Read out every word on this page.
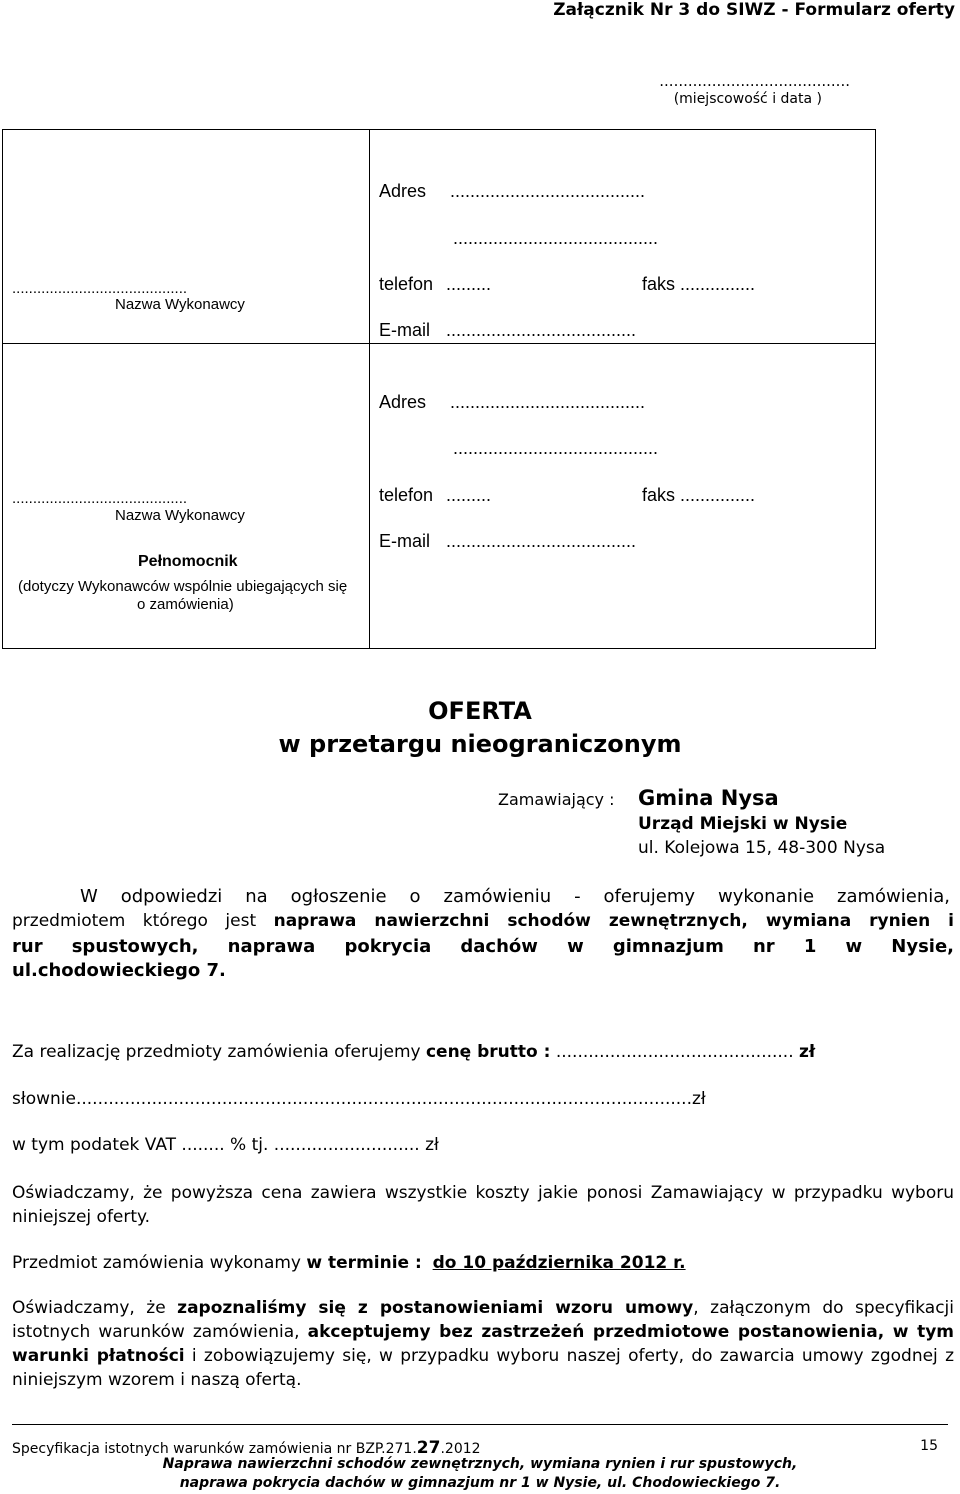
Załącznik Nr 3 do SIWZ - Formularz oferty
........................................
(miejscowość i data )
..........................................
Nazwa Wykonawcy
Adres .......................................
.........................................
telefon .........	faks ...............
E-mail ......................................
..........................................
Nazwa Wykonawcy
Pełnomocnik
(dotyczy Wykonawców wspólnie ubiegających się
o zamówienia)
Adres .......................................
.........................................
telefon .........	faks ...............
E-mail ......................................
OFERTA
w przetargu nieograniczonym
Zamawiający : Gmina Nysa
Urząd Miejski w Nysie
ul. Kolejowa 15, 48-300 Nysa
W odpowiedzi na ogłoszenie o zamówieniu - oferujemy wykonanie zamówienia,
przedmiotem którego jest naprawa nawierzchni schodów zewnętrznych, wymiana rynien i
rur spustowych, naprawa pokrycia dachów w gimnazjum nr 1 w Nysie,
ul.chodowieckiego 7.
Za realizację przedmioty zamówienia oferujemy cenę brutto : ............................................ zł
słownie..................................................................................................................zł
w tym podatek VAT ........ % tj. ........................... zł
Oświadczamy, że powyższa cena zawiera wszystkie koszty jakie ponosi Zamawiający w przypadku wyboru
niniejszej oferty.
Przedmiot zamówienia wykonamy w terminie : do 10 października 2012 r.
Oświadczamy, że zapoznaliśmy się z postanowieniami wzoru umowy, załączonym do specyfikacji
istotnych warunków zamówienia, akceptujemy bez zastrzeżeń przedmiotowe postanowienia, w tym
warunki płatności i zobowiązujemy się, w przypadku wyboru naszej oferty, do zawarcia umowy zgodnej z
niniejszym wzorem i naszą ofertą.
Specyfikacja istotnych warunków zamówienia nr BZP.271.27.2012	15
Naprawa nawierzchni schodów zewnętrznych, wymiana rynien i rur spustowych,
naprawa pokrycia dachów w gimnazjum nr 1 w Nysie, ul. Chodowieckiego 7.
